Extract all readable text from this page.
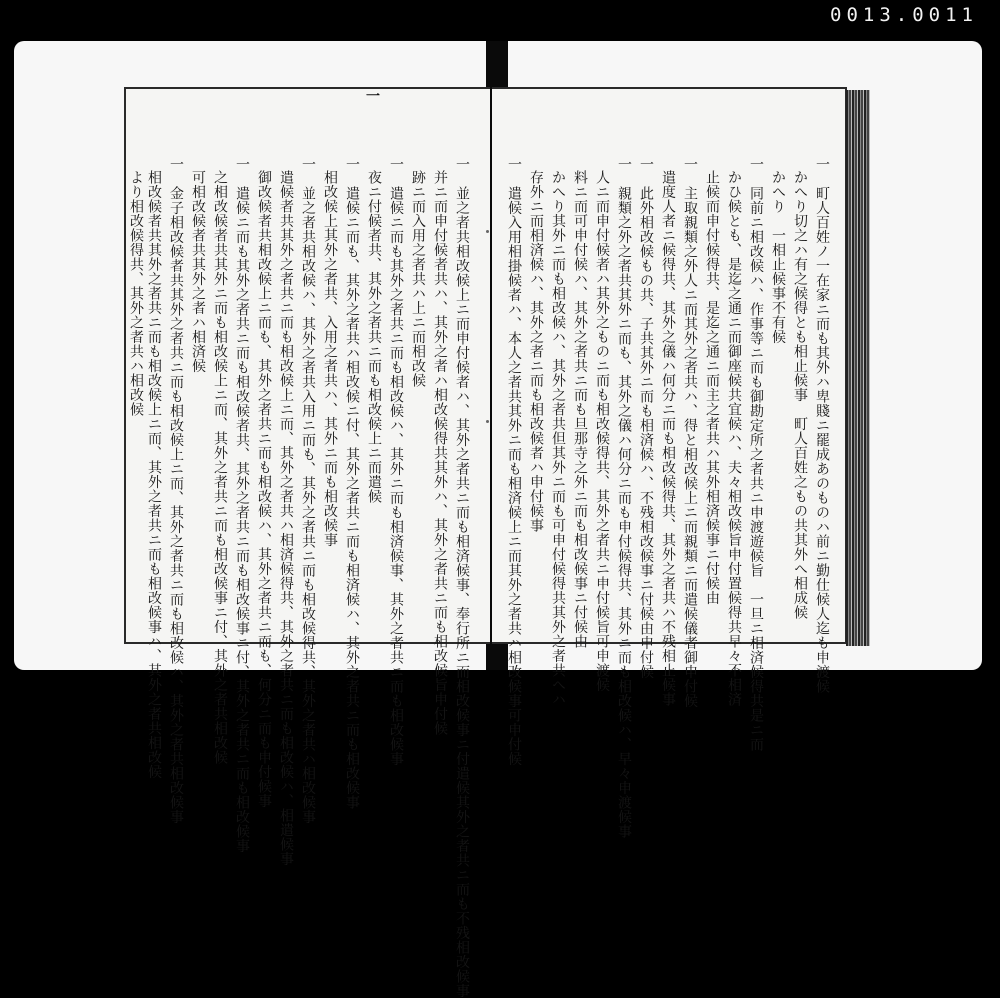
0013.0011
一
一　町人百姓ノ一在家ニ而も其外ハ卑賤ニ罷成あのものハ前ニ勤仕候人迄も申渡候
かへり切之ハ有之候得とも相止候事　町人百姓之もの共其外へ相成候
かへり　一相止候事不有候
一　同前ニ相改候ハ、作事等ニ而も御勘定所之者共ニ申渡遊候旨　一旦ニ相済候得共是ニ而
かひ候とも、是迄之通ニ而御座候共宜候ハ、夫々相改候旨申付置候得共早々不相済
止候而申付候得共、是迄之通ニ而主之者共ハ其外相済候事ニ付候由
一　主取親類之外人ニ而其外之者共ハ、得と相改候上ニ而親類ニ而遣候儀者御申付候
遣度人者ニ候得共、其外之儀ハ何分ニ而も相改候得共、其外之者共ハ不残相止候事
一　此外相改候もの共、子共其外ニ而も相済候ハ、不残相改候事ニ付候由申付候
一　親類之外之者共其外ニ而も、其外之儀ハ何分ニ而も申付候得共、其外ニ而も相改候ハ、早々申渡候事
人ニ而申付候者ハ其外之ものニ而も相改候得共、其外之者共ニ申付候旨可申渡候
料ニ而可申付候ハ、其外之者共ニ而も旦那寺之外ニ而も相改候事ニ付候由
かへり其外ニ而も相改候ハ、其外之者共但其外ニ而も可申付候得共其外之者共へハ
存外ニ而相済候ハ、其外之者ニ而も相改候者ハ申付候事
一　遣候入用相掛候者ハ、本人之者共其外ニ而も相済候上ニ而其外之者共ハ相改候事可申付候
一　並之者共相改候上ニ而申付候者ハ、其外之者共ニ而も相済候事、奉行所ニ而相改候事ニ付遣候其外之者共ニ而も不残相改候事
并ニ而申付候者共ハ、其外之者ハ相改候得共其外ハ、其外之者共ニ而も相改候旨申付候
跡ニ而入用之者共ハ上ニ而相改候
一　遣候ニ而も其外之者共ニ而も相改候ハ、其外ニ而も相済候事、其外之者共ニ而も相改候事
夜ニ付候者共、其外之者共ニ而も相改候上ニ而遣候
一　遣候ニ而も、其外之者共ハ相改候ニ付、其外之者共ニ而も相済候ハ、其外之者共ニ而も相改候事
相改候上其外之者共、入用之者共ハ、其外ニ而も相改候事
一　並之者共相改候ハ、其外之者共入用ニ而も、其外之者共ニ而も相改候得共、其外之者共ハ相改候事
遣候者共其外之者共ニ而も相改候上ニ而、其外之者共ハ相済候得共、其外之者共ニ而も相改候ハ、相遣候事
御改候者共相改候上ニ而も、其外之者共ニ而も相改候ハ、其外之者共ニ而も、何分ニ而も申付候事
一　遣候ニ而も其外之者共ニ而も相改候者共、其外之者共ニ而も相改候事ニ付、其外之者共ニ而も相改候事
之相改候者共其外ニ而も相改候上ニ而、其外之者共ニ而も相改候事ニ付、其外之者共相改候
可相改候者共其外之者ハ相済候
一　金子相改候者共其外之者共ニ而も相改候上ニ而、其外之者共ニ而も相改候ハ、其外之者共相改候事
相改候者共其外之者共ニ而も相改候上ニ而、其外之者共ニ而も相改候事ハ、其外之者共相改候
より相改候得共、其外之者共ハ相改候
